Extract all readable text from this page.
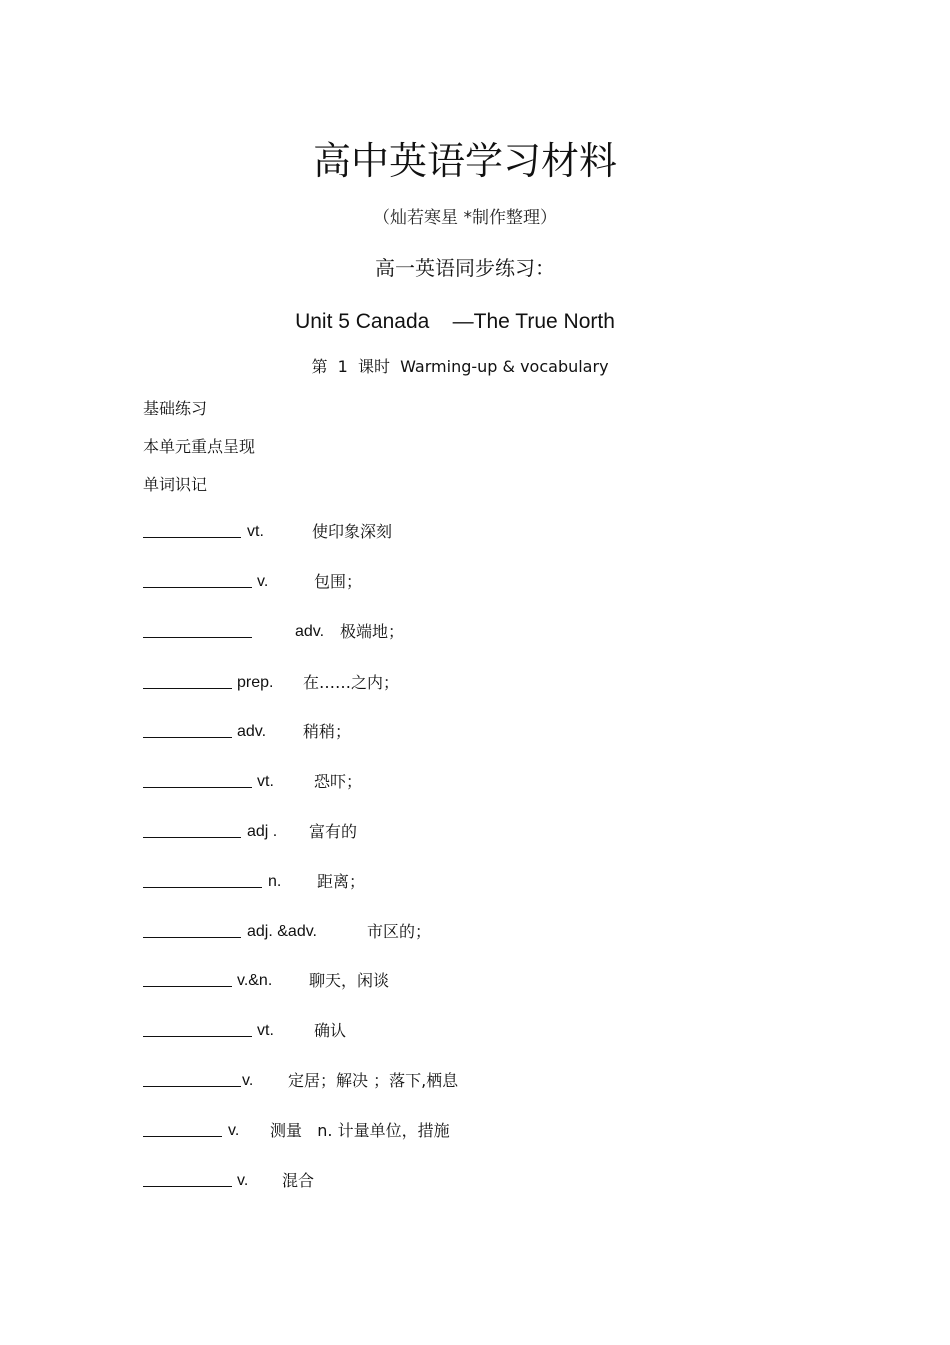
高中英语学习材料
（灿若寒星 *制作整理）
高一英语同步练习：
Unit 5 Canada    —The True North
第  1  课时  Warming-up & vocabulary
基础练习
本单元重点呈现
单词识记
vt.	使印象深刻
v.	包围；
adv. 极端地；
prep. 在……之内；
adv. 稍稍；
vt.	恐吓；
adj . 富有的
n. 距离；
adj. &adv.	市区的；
v.&n. 聊天，闲谈
vt.	确认
v. 定居；解决 ；落下,栖息
v. 测量   n. 计量单位，措施
v. 混合
